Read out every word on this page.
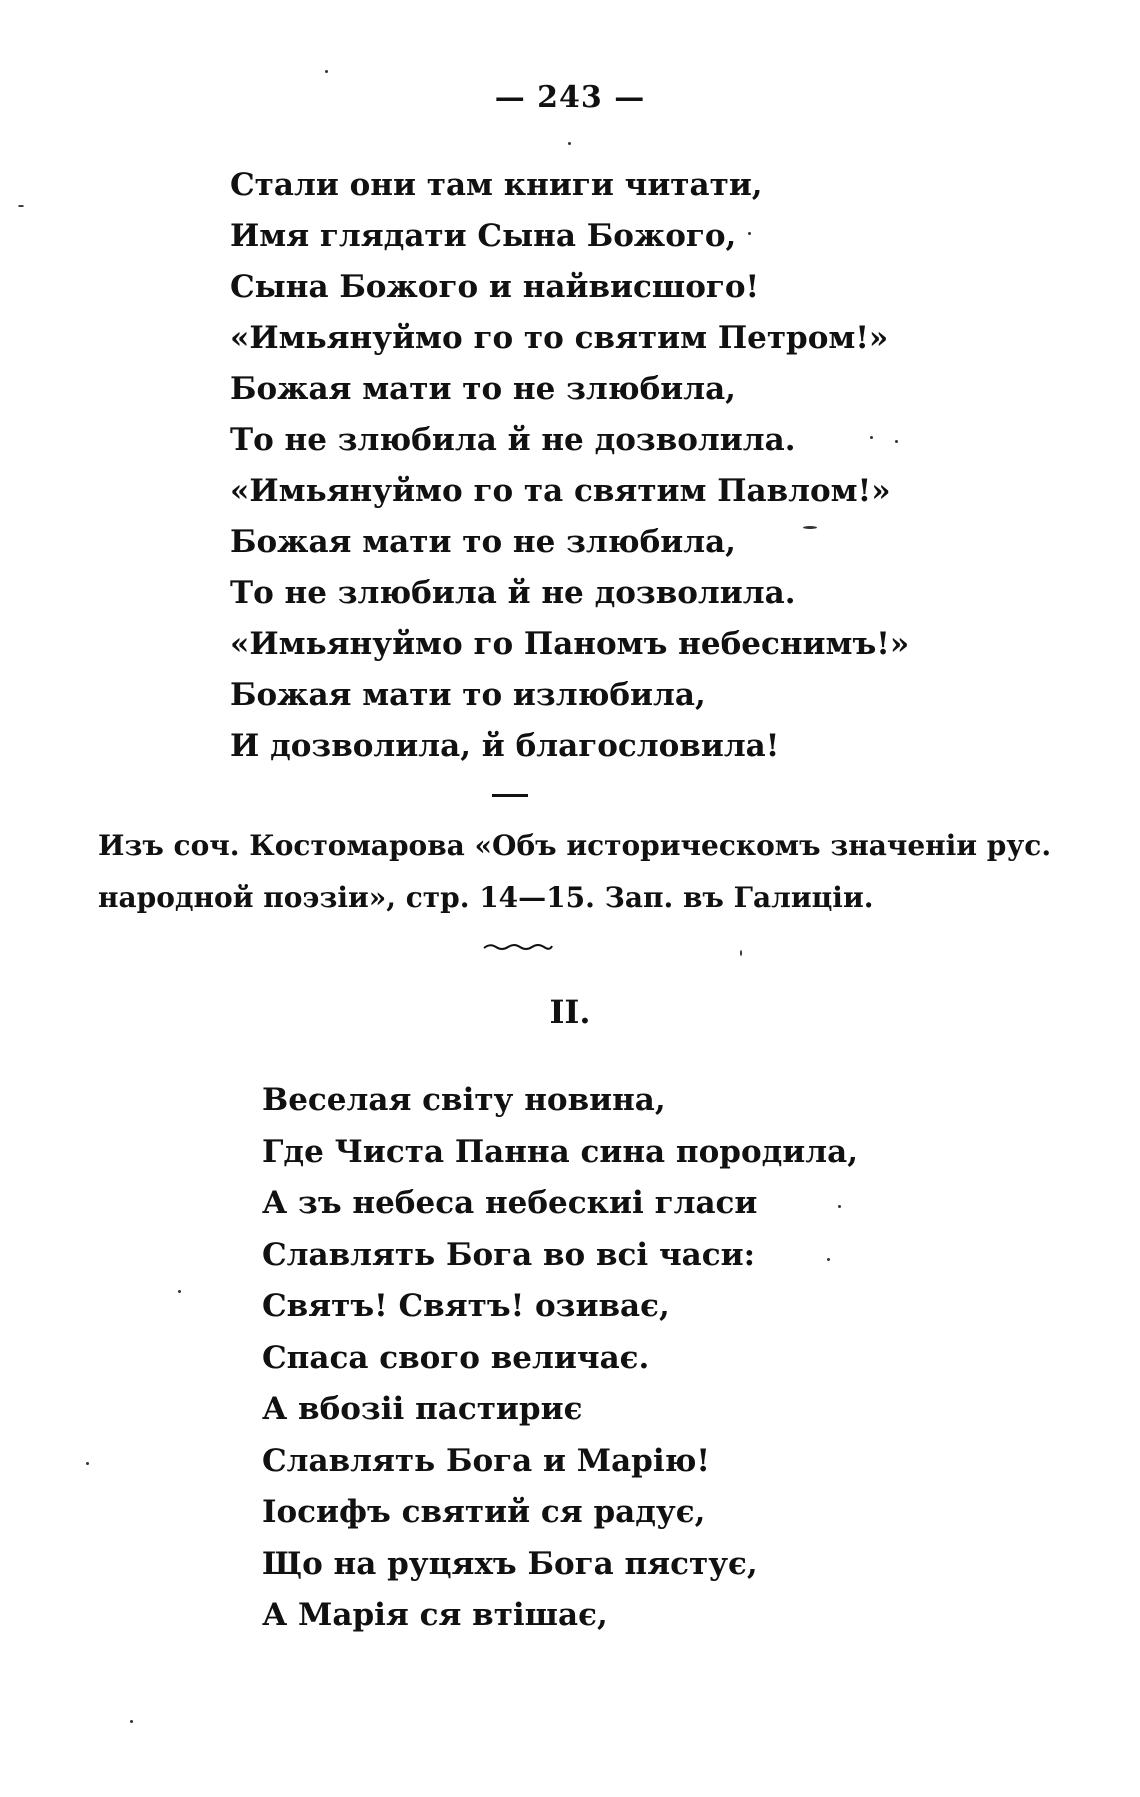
— 243 —
Стали они там книги читати,
Имя глядати Сына Божого,
Сына Божого и найвисшого!
«Имьянуймо го то святим Петром!»
Божая мати то не злюбила,
То не злюбила й не дозволила.
«Имьянуймо го та святим Павлом!»
Божая мати то не злюбила,
То не злюбила й не дозволила.
«Имьянуймо го Паномъ небеснимъ!»
Божая мати то излюбила,
И дозволила, й благословила!
Изъ соч. Костомарова «Объ историческомъ значеніи рус.
народной поэзіи», стр. 14—15. Зап. въ Галиціи.
II.
Веселая світу новина,
Где Чиста Панна сина породила,
А зъ небеса небескиі гласи
Славлять Бога во всі часи:
Святъ! Святъ! озиває,
Спаса свого величає.
А вбозіі пастириє
Славлять Бога и Марію!
Іосифъ святий ся радує,
Що на руцяхъ Бога пястує,
А Марія ся втішає,
